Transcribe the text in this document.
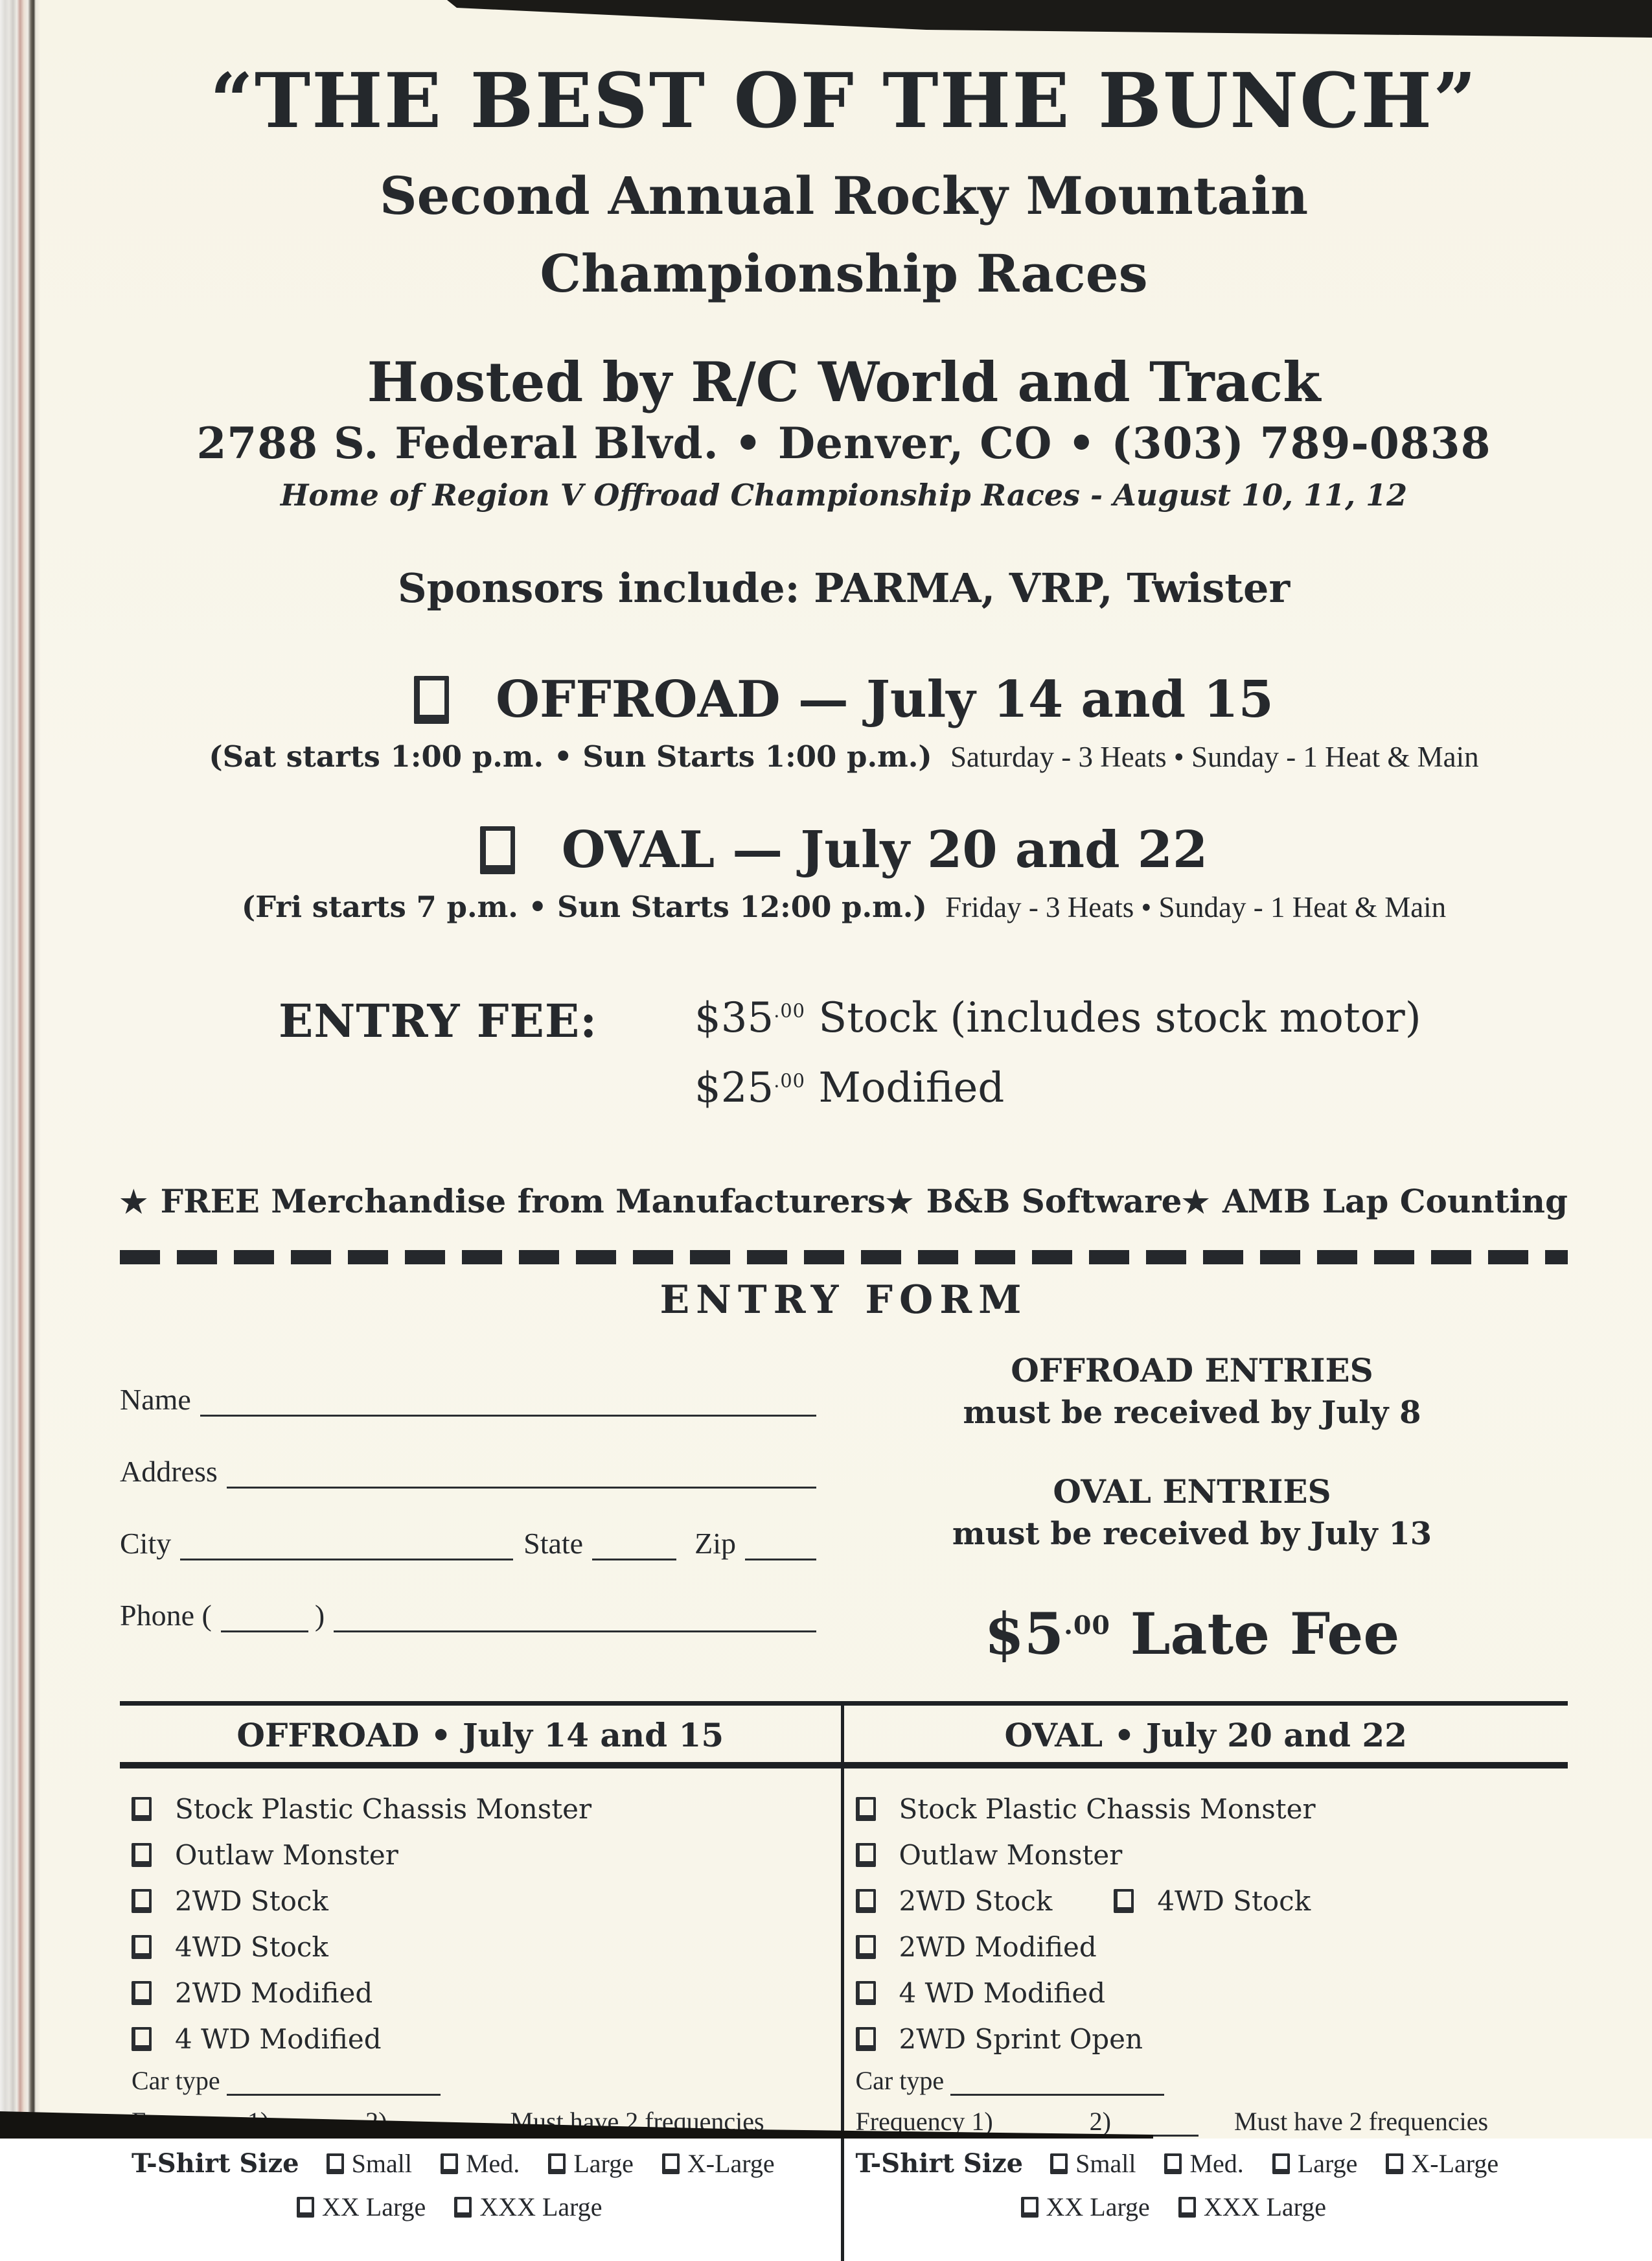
“THE BEST OF THE BUNCH”
Second Annual Rocky Mountain
Championship Races
Hosted by R/C World and Track
2788 S. Federal Blvd. • Denver, CO • (303) 789-0838
Home of Region V Offroad Championship Races - August 10, 11, 12
Sponsors include: PARMA, VRP, Twister
OFFROAD — July 14 and 15
(Sat starts 1:00 p.m. • Sun Starts 1:00 p.m.) Saturday - 3 Heats • Sunday - 1 Heat & Main
OVAL — July 20 and 22
(Fri starts 7 p.m. • Sun Starts 12:00 p.m.) Friday - 3 Heats • Sunday - 1 Heat & Main
ENTRY FEE: $\$35^{.00}$ Stock (includes stock motor)
$\$25^{.00}$ Modified
★ FREE Merchandise from Manufacturers ★ B&B Software ★ AMB Lap Counting
ENTRY FORM
Name
Address
City	State	Zip
Phone (	)
OFFROAD ENTRIES
must be received by July 8
OVAL ENTRIES
must be received by July 13
$\$5^{.00}$ Late Fee
OFFROAD • July 14 and 15
Stock Plastic Chassis Monster
Outlaw Monster
2WD Stock
4WD Stock
2WD Modified
4 WD Modified
Car type
Must have 2 frequencies
T-Shirt Size Small Med. Large X-Large
XX Large XXX Large
OVAL • July 20 and 22
Stock Plastic Chassis Monster
Outlaw Monster
2WD Stock	4WD Stock
2WD Modified
4 WD Modified
2WD Sprint Open
Car type
Frequency 1)	2)	Must have 2 frequencies
T-Shirt Size Small Med. Large X-Large
XX Large XXX Large
